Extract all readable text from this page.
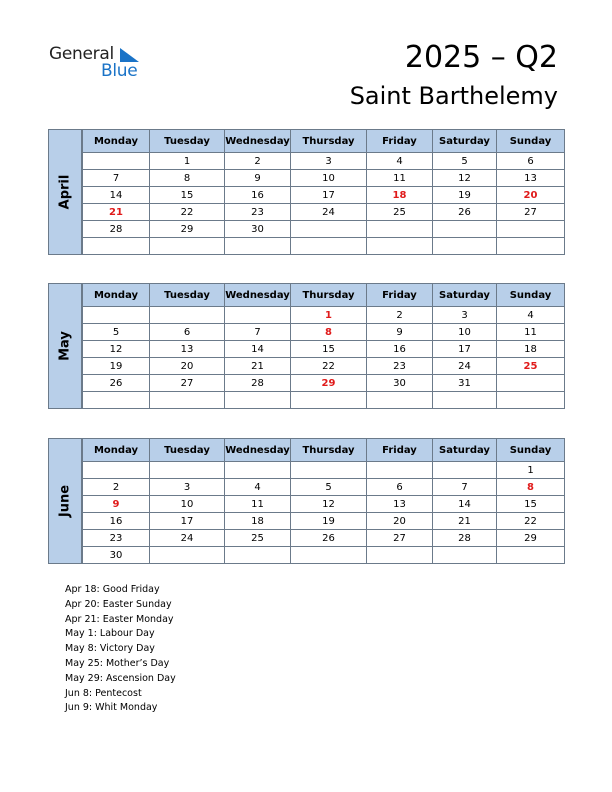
General
Blue	2025 – Q2
Saint Barthelemy
April
Monday	Tuesday	Wednesday	Thursday	Friday	Saturday	Sunday
	1	2	3	4	5	6
7	8	9	10	11	12	13
14	15	16	17	18	19	20
21	22	23	24	25	26	27
28	29	30				

May
Monday	Tuesday	Wednesday	Thursday	Friday	Saturday	Sunday
			1	2	3	4
5	6	7	8	9	10	11
12	13	14	15	16	17	18
19	20	21	22	23	24	25
26	27	28	29	30	31	

June
Monday	Tuesday	Wednesday	Thursday	Friday	Saturday	Sunday
						1
2	3	4	5	6	7	8
9	10	11	12	13	14	15
16	17	18	19	20	21	22
23	24	25	26	27	28	29
30						
Apr 18: Good Friday
Apr 20: Easter Sunday
Apr 21: Easter Monday
May 1: Labour Day
May 8: Victory Day
May 25: Mother’s Day
May 29: Ascension Day
Jun 8: Pentecost
Jun 9: Whit Monday
